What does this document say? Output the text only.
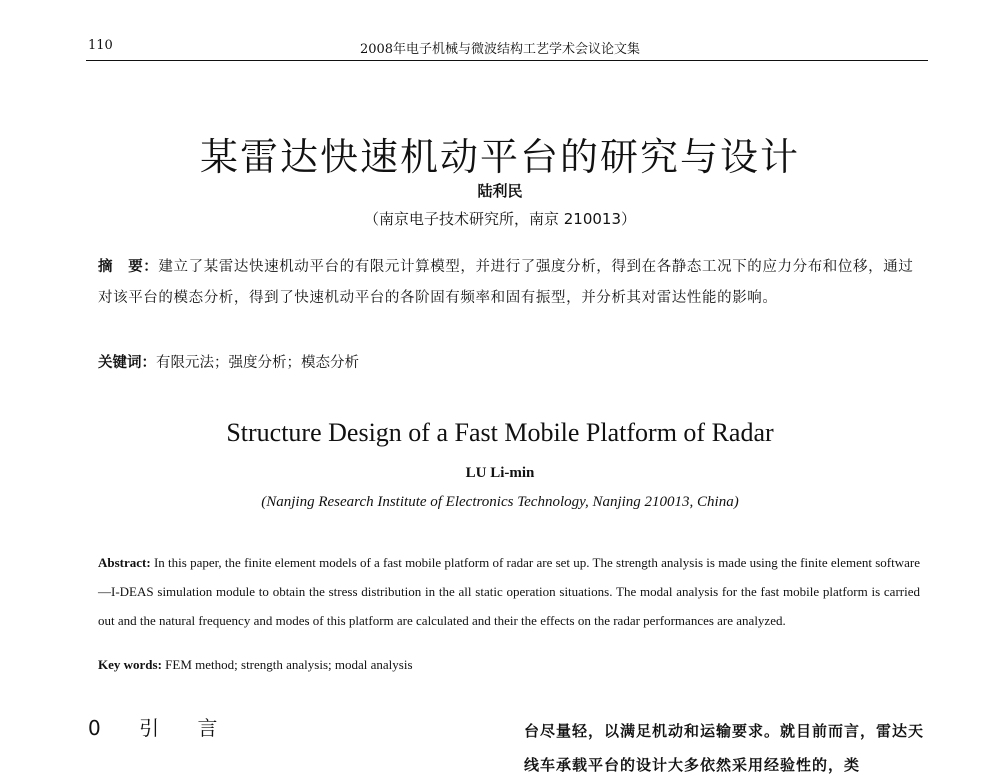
110	2008年电子机械与微波结构工艺学术会议论文集
某雷达快速机动平台的研究与设计
陆利民
（南京电子技术研究所，南京 210013）
摘　要：建立了某雷达快速机动平台的有限元计算模型，并进行了强度分析，得到在各静态工况下的应力分布和位移，通过对该平台的模态分析，得到了快速机动平台的各阶固有频率和固有振型，并分析其对雷达性能的影响。
关键词：有限元法；强度分析；模态分析
Structure Design of a Fast Mobile Platform of Radar
LU Li-min
(Nanjing Research Institute of Electronics Technology, Nanjing 210013, China)
Abstract: In this paper, the finite element models of a fast mobile platform of radar are set up. The strength analysis is made using the finite element software—I-DEAS simulation module to obtain the stress distribution in the all static operation situations. The modal analysis for the fast mobile platform is carried out and the natural frequency and modes of this platform are calculated and their the effects on the radar performances are analyzed.
Key words: FEM method; strength analysis; modal analysis
0 引 言	台尽量轻，以满足机动和运输要求。就目前而言，雷达天线车承载平台的设计大多依然采用经验性的，类
